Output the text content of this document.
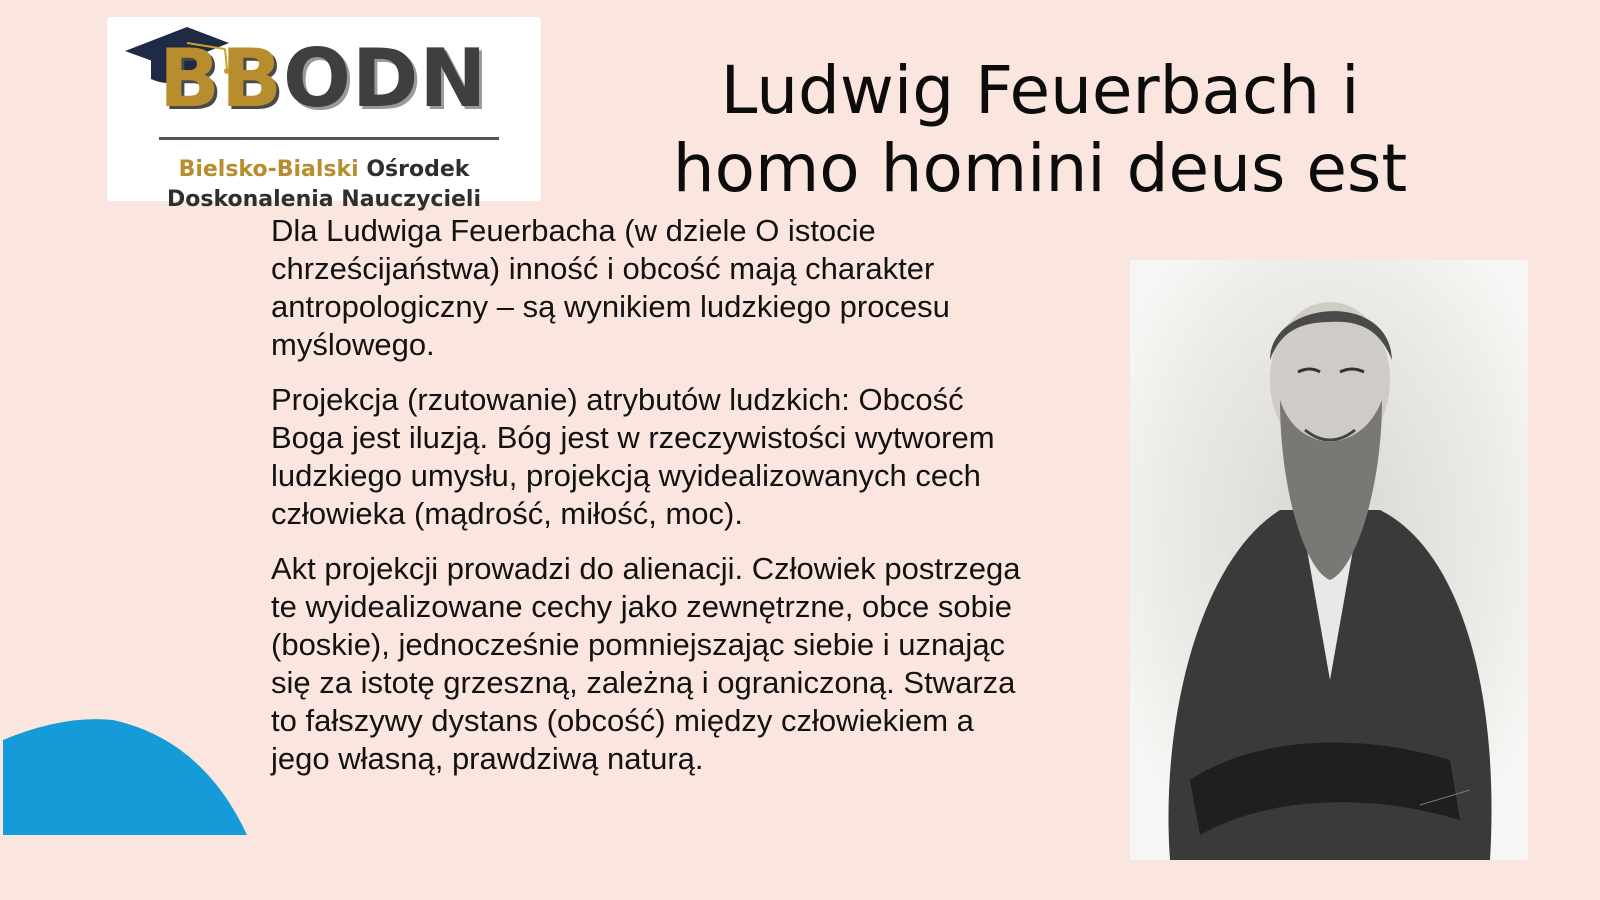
BBODN
Bielsko-Bialski Ośrodek
Doskonalenia Nauczycieli
Ludwig Feuerbach i
homo homini deus est

Dla Ludwiga Feuerbacha (w dziele O istocie chrześcijaństwa) inność i obcość mają charakter antropologiczny – są wynikiem ludzkiego procesu myślowego.

Projekcja (rzutowanie) atrybutów ludzkich: Obcość Boga jest iluzją. Bóg jest w rzeczywistości wytworem ludzkiego umysłu, projekcją wyidealizowanych cech człowieka (mądrość, miłość, moc).

Akt projekcji prowadzi do alienacji. Człowiek postrzega te wyidealizowane cechy jako zewnętrzne, obce sobie (boskie), jednocześnie pomniejszając siebie i uznając się za istotę grzeszną, zależną i ograniczoną. Stwarza to fałszywy dystans (obcość) między człowiekiem a jego własną, prawdziwą naturą.
